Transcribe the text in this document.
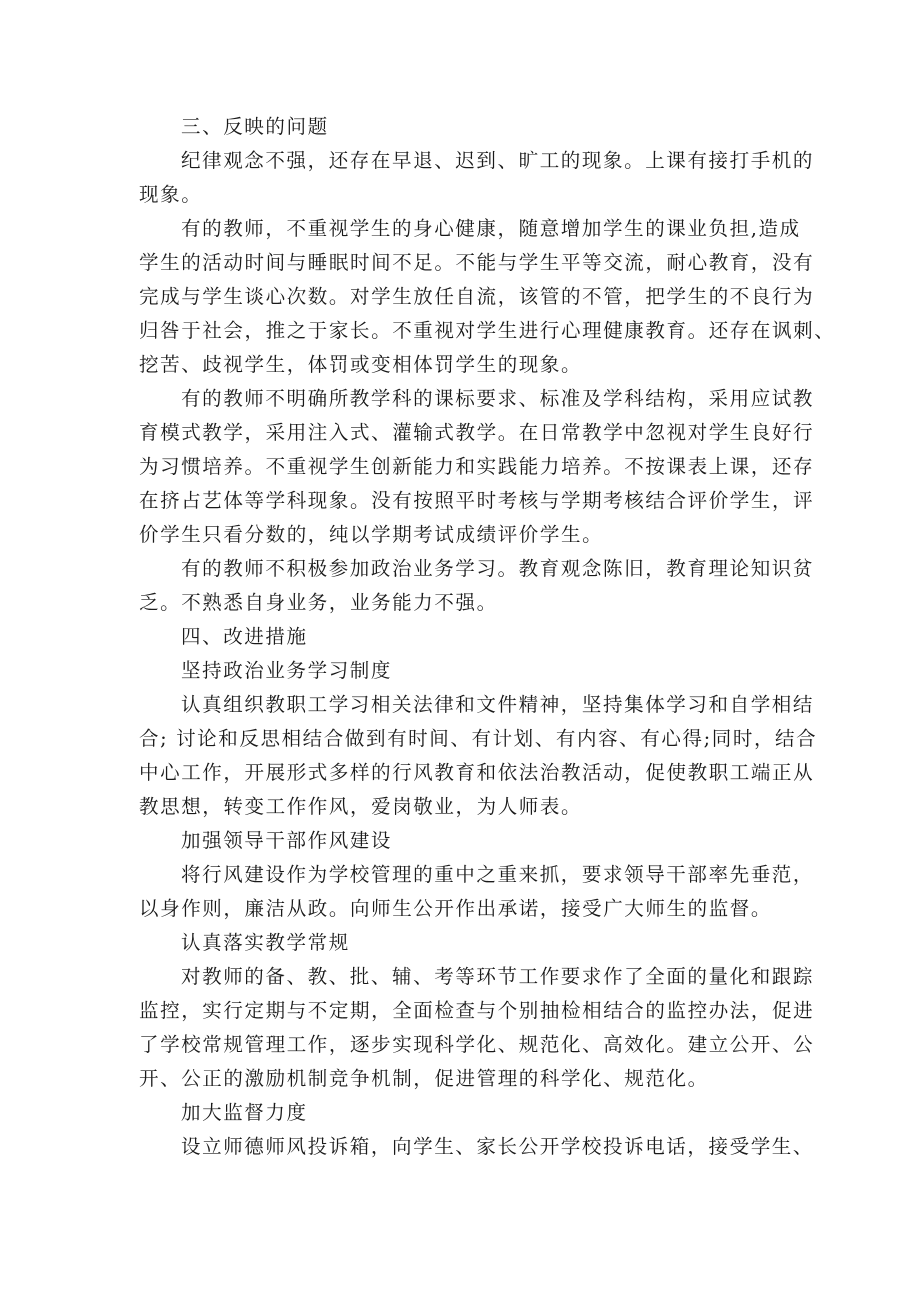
三、反映的问题
纪律观念不强，还存在早退、迟到、旷工的现象。上课有接打手机的
现象。
有的教师，不重视学生的身心健康，随意增加学生的课业负担,造成
学生的活动时间与睡眠时间不足。不能与学生平等交流，耐心教育，没有
完成与学生谈心次数。对学生放任自流，该管的不管，把学生的不良行为
归咎于社会，推之于家长。不重视对学生进行心理健康教育。还存在讽刺、
挖苦、歧视学生，体罚或变相体罚学生的现象。
有的教师不明确所教学科的课标要求、标准及学科结构，采用应试教
育模式教学，采用注入式、灌输式教学。在日常教学中忽视对学生良好行
为习惯培养。不重视学生创新能力和实践能力培养。不按课表上课，还存
在挤占艺体等学科现象。没有按照平时考核与学期考核结合评价学生，评
价学生只看分数的，纯以学期考试成绩评价学生。
有的教师不积极参加政治业务学习。教育观念陈旧，教育理论知识贫
乏。不熟悉自身业务，业务能力不强。
四、改进措施
坚持政治业务学习制度
认真组织教职工学习相关法律和文件精神，坚持集体学习和自学相结
合; 讨论和反思相结合做到有时间、有计划、有内容、有心得;同时，结合
中心工作，开展形式多样的行风教育和依法治教活动，促使教职工端正从
教思想，转变工作作风，爱岗敬业，为人师表。
加强领导干部作风建设
将行风建设作为学校管理的重中之重来抓，要求领导干部率先垂范，
以身作则，廉洁从政。向师生公开作出承诺，接受广大师生的监督。
认真落实教学常规
对教师的备、教、批、辅、考等环节工作要求作了全面的量化和跟踪
监控，实行定期与不定期，全面检查与个别抽检相结合的监控办法，促进
了学校常规管理工作，逐步实现科学化、规范化、高效化。建立公开、公
开、公正的激励机制竞争机制，促进管理的科学化、规范化。
加大监督力度
设立师德师风投诉箱，向学生、家长公开学校投诉电话，接受学生、
